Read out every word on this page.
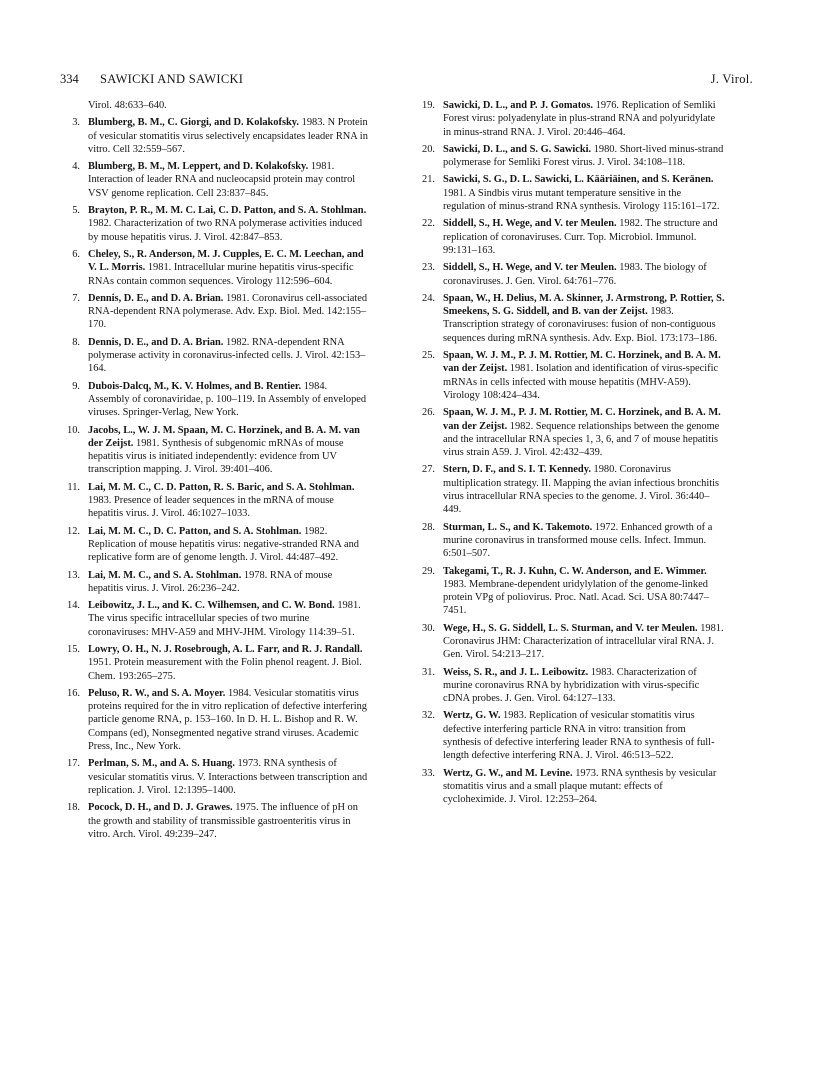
334 SAWICKI AND SAWICKI	J. Virol.
Virol. 48:633–640.
3. Blumberg, B. M., C. Giorgi, and D. Kolakofsky. 1983. N Protein of vesicular stomatitis virus selectively encapsidates leader RNA in vitro. Cell 32:559–567.
4. Blumberg, B. M., M. Leppert, and D. Kolakofsky. 1981. Interaction of leader RNA and nucleocapsid protein may control VSV genome replication. Cell 23:837–845.
5. Brayton, P. R., M. M. C. Lai, C. D. Patton, and S. A. Stohlman. 1982. Characterization of two RNA polymerase activities induced by mouse hepatitis virus. J. Virol. 42:847–853.
6. Cheley, S., R. Anderson, M. J. Cupples, E. C. M. Leechan, and V. L. Morris. 1981. Intracellular murine hepatitis virus-specific RNAs contain common sequences. Virology 112:596–604.
7. Dennis, D. E., and D. A. Brian. 1981. Coronavirus cell-associated RNA-dependent RNA polymerase. Adv. Exp. Biol. Med. 142:155–170.
8. Dennis, D. E., and D. A. Brian. 1982. RNA-dependent RNA polymerase activity in coronavirus-infected cells. J. Virol. 42:153–164.
9. Dubois-Dalcq, M., K. V. Holmes, and B. Rentier. 1984. Assembly of coronaviridae, p. 100–119. In Assembly of enveloped viruses. Springer-Verlag, New York.
10. Jacobs, L., W. J. M. Spaan, M. C. Horzinek, and B. A. M. van der Zeijst. 1981. Synthesis of subgenomic mRNAs of mouse hepatitis virus is initiated independently: evidence from UV transcription mapping. J. Virol. 39:401–406.
11. Lai, M. M. C., C. D. Patton, R. S. Baric, and S. A. Stohlman. 1983. Presence of leader sequences in the mRNA of mouse hepatitis virus. J. Virol. 46:1027–1033.
12. Lai, M. M. C., D. C. Patton, and S. A. Stohlman. 1982. Replication of mouse hepatitis virus: negative-stranded RNA and replicative form are of genome length. J. Virol. 44:487–492.
13. Lai, M. M. C., and S. A. Stohlman. 1978. RNA of mouse hepatitis virus. J. Virol. 26:236–242.
14. Leibowitz, J. L., and K. C. Wilhemsen, and C. W. Bond. 1981. The virus specific intracellular species of two murine coronaviruses: MHV-A59 and MHV-JHM. Virology 114:39–51.
15. Lowry, O. H., N. J. Rosebrough, A. L. Farr, and R. J. Randall. 1951. Protein measurement with the Folin phenol reagent. J. Biol. Chem. 193:265–275.
16. Peluso, R. W., and S. A. Moyer. 1984. Vesicular stomatitis virus proteins required for the in vitro replication of defective interfering particle genome RNA, p. 153–160. In D. H. L. Bishop and R. W. Compans (ed), Nonsegmented negative strand viruses. Academic Press, Inc., New York.
17. Perlman, S. M., and A. S. Huang. 1973. RNA synthesis of vesicular stomatitis virus. V. Interactions between transcription and replication. J. Virol. 12:1395–1400.
18. Pocock, D. H., and D. J. Grawes. 1975. The influence of pH on the growth and stability of transmissible gastroenteritis virus in vitro. Arch. Virol. 49:239–247.
19. Sawicki, D. L., and P. J. Gomatos. 1976. Replication of Semliki Forest virus: polyadenylate in plus-strand RNA and polyuridylate in minus-strand RNA. J. Virol. 20:446–464.
20. Sawicki, D. L., and S. G. Sawicki. 1980. Short-lived minus-strand polymerase for Semliki Forest virus. J. Virol. 34:108–118.
21. Sawicki, S. G., D. L. Sawicki, L. Kääriäinen, and S. Keränen. 1981. A Sindbis virus mutant temperature sensitive in the regulation of minus-strand RNA synthesis. Virology 115:161–172.
22. Siddell, S., H. Wege, and V. ter Meulen. 1982. The structure and replication of coronaviruses. Curr. Top. Microbiol. Immunol. 99:131–163.
23. Siddell, S., H. Wege, and V. ter Meulen. 1983. The biology of coronaviruses. J. Gen. Virol. 64:761–776.
24. Spaan, W., H. Delius, M. A. Skinner, J. Armstrong, P. Rottier, S. Smeekens, S. G. Siddell, and B. van der Zeijst. 1983. Transcription strategy of coronaviruses: fusion of non-contiguous sequences during mRNA synthesis. Adv. Exp. Biol. 173:173–186.
25. Spaan, W. J. M., P. J. M. Rottier, M. C. Horzinek, and B. A. M. van der Zeijst. 1981. Isolation and identification of virus-specific mRNAs in cells infected with mouse hepatitis (MHV-A59). Virology 108:424–434.
26. Spaan, W. J. M., P. J. M. Rottier, M. C. Horzinek, and B. A. M. van der Zeijst. 1982. Sequence relationships between the genome and the intracellular RNA species 1, 3, 6, and 7 of mouse hepatitis virus strain A59. J. Virol. 42:432–439.
27. Stern, D. F., and S. I. T. Kennedy. 1980. Coronavirus multiplication strategy. II. Mapping the avian infectious bronchitis virus intracellular RNA species to the genome. J. Virol. 36:440–449.
28. Sturman, L. S., and K. Takemoto. 1972. Enhanced growth of a murine coronavirus in transformed mouse cells. Infect. Immun. 6:501–507.
29. Takegami, T., R. J. Kuhn, C. W. Anderson, and E. Wimmer. 1983. Membrane-dependent uridylylation of the genome-linked protein VPg of poliovirus. Proc. Natl. Acad. Sci. USA 80:7447–7451.
30. Wege, H., S. G. Siddell, L. S. Sturman, and V. ter Meulen. 1981. Coronavirus JHM: Characterization of intracellular viral RNA. J. Gen. Virol. 54:213–217.
31. Weiss, S. R., and J. L. Leibowitz. 1983. Characterization of murine coronavirus RNA by hybridization with virus-specific cDNA probes. J. Gen. Virol. 64:127–133.
32. Wertz, G. W. 1983. Replication of vesicular stomatitis virus defective interfering particle RNA in vitro: transition from synthesis of defective interfering leader RNA to synthesis of full-length defective interfering RNA. J. Virol. 46:513–522.
33. Wertz, G. W., and M. Levine. 1973. RNA synthesis by vesicular stomatitis virus and a small plaque mutant: effects of cycloheximide. J. Virol. 12:253–264.
